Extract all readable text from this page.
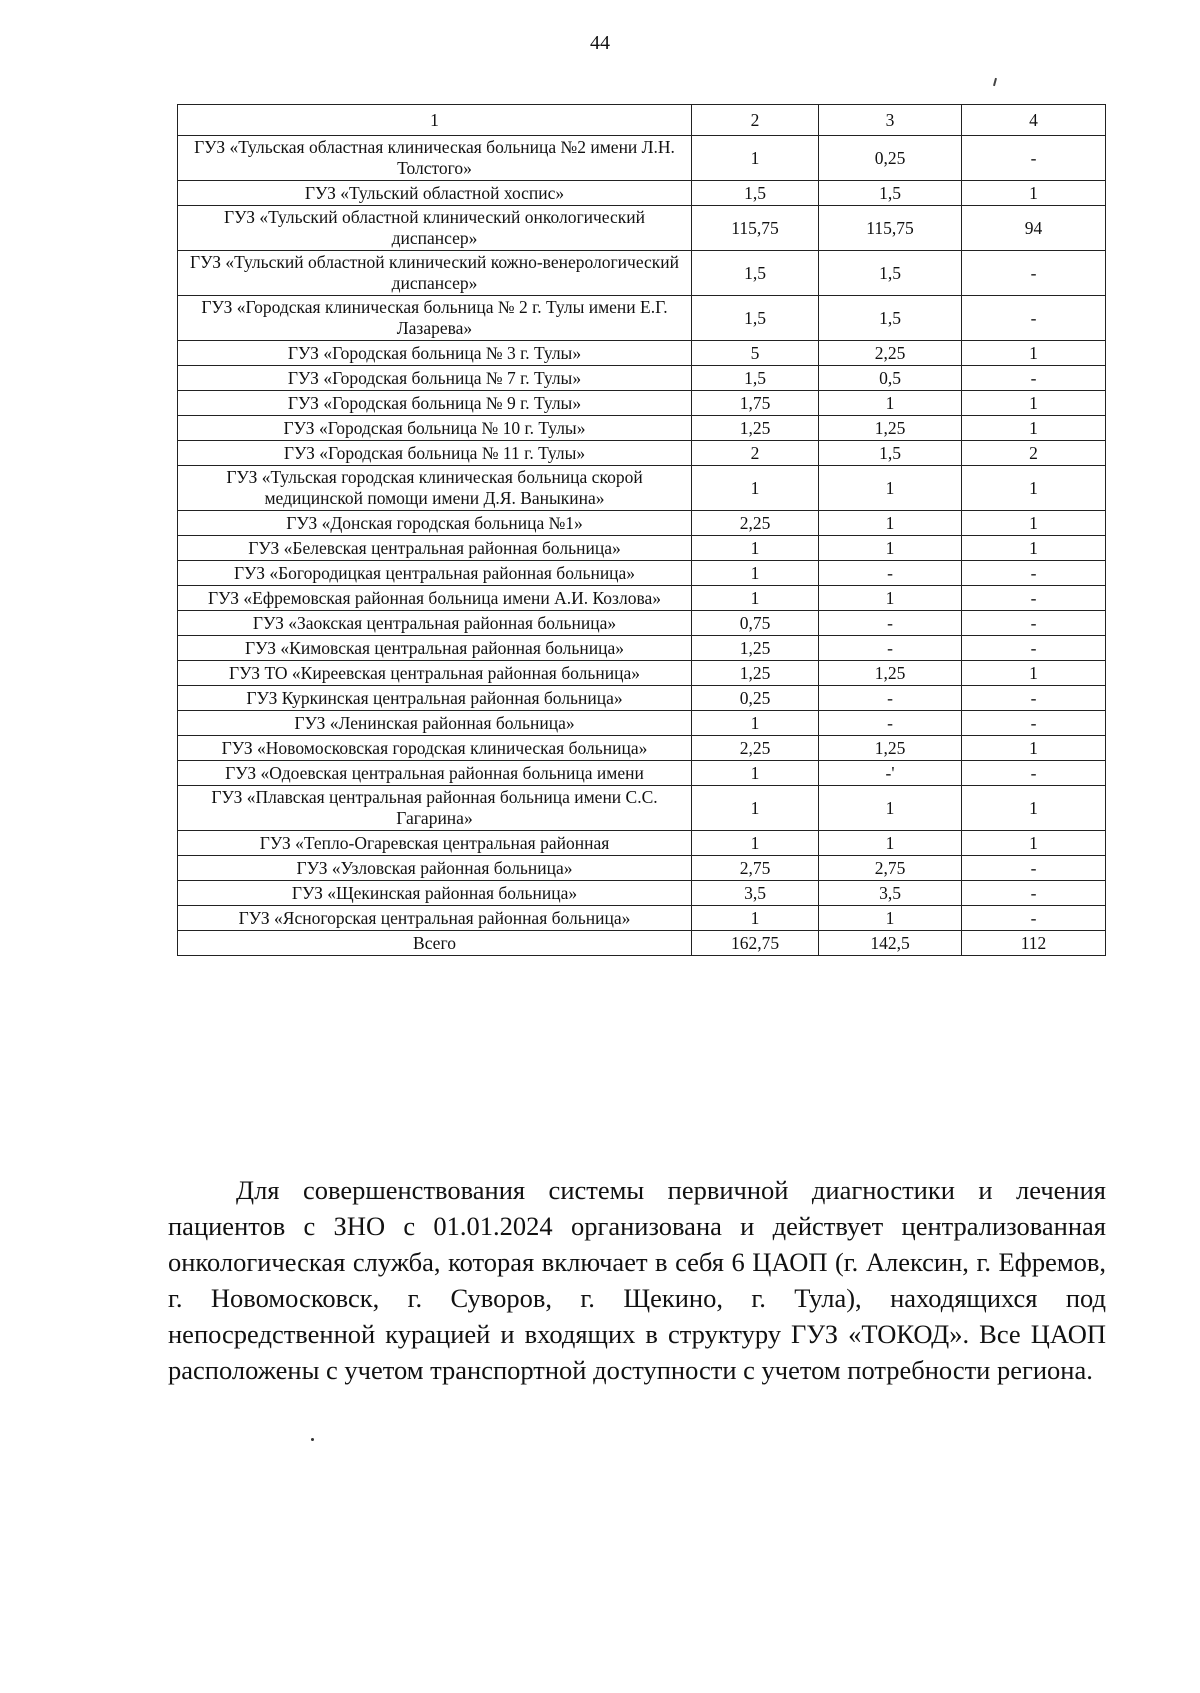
44
1	2	3	4
ГУЗ «Тульская областная клиническая больница №2 имени Л.Н. Толстого»	1	0,25	-
ГУЗ «Тульский областной хоспис»	1,5	1,5	1
ГУЗ «Тульский областной клинический онкологический диспансер»	115,75	115,75	94
ГУЗ «Тульский областной клинический кожно-венерологический диспансер»	1,5	1,5	-
ГУЗ «Городская клиническая больница № 2 г. Тулы имени Е.Г. Лазарева»	1,5	1,5	-
ГУЗ «Городская больница № 3 г. Тулы»	5	2,25	1
ГУЗ «Городская больница № 7 г. Тулы»	1,5	0,5	-
ГУЗ «Городская больница № 9 г. Тулы»	1,75	1	1
ГУЗ «Городская больница № 10 г. Тулы»	1,25	1,25	1
ГУЗ «Городская больница № 11 г. Тулы»	2	1,5	2
ГУЗ «Тульская городская клиническая больница скорой медицинской помощи имени Д.Я. Ваныкина»	1	1	1
ГУЗ «Донская городская больница №1»	2,25	1	1
ГУЗ «Белевская центральная районная больница»	1	1	1
ГУЗ «Богородицкая центральная районная больница»	1	-	-
ГУЗ «Ефремовская районная больница имени А.И. Козлова»	1	1	-
ГУЗ «Заокская центральная районная больница»	0,75	-	-
ГУЗ «Кимовская центральная районная больница»	1,25	-	-
ГУЗ ТО «Киреевская центральная районная больница»	1,25	1,25	1
ГУЗ Куркинская центральная районная больница»	0,25	-	-
ГУЗ «Ленинская районная больница»	1	-	-
ГУЗ «Новомосковская городская клиническая больница»	2,25	1,25	1
ГУЗ «Одоевская центральная районная больница имени	1	-'	-
ГУЗ «Плавская центральная районная больница имени С.С. Гагарина»	1	1	1
ГУЗ «Тепло-Огаревская центральная районная	1	1	1
ГУЗ «Узловская районная больница»	2,75	2,75	-
ГУЗ «Щекинская районная больница»	3,5	3,5	-
ГУЗ «Ясногорская центральная районная больница»	1	1	-
Всего	162,75	142,5	112

Для совершенствования системы первичной диагностики и лечения пациентов с ЗНО с 01.01.2024 организована и действует централизованная онкологическая служба, которая включает в себя 6 ЦАОП (г. Алексин, г. Ефремов, г. Новомосковск, г. Суворов, г. Щекино, г. Тула), находящихся под непосредственной курацией и входящих в структуру ГУЗ «ТОКОД». Все ЦАОП расположены с учетом транспортной доступности с учетом потребности региона.
